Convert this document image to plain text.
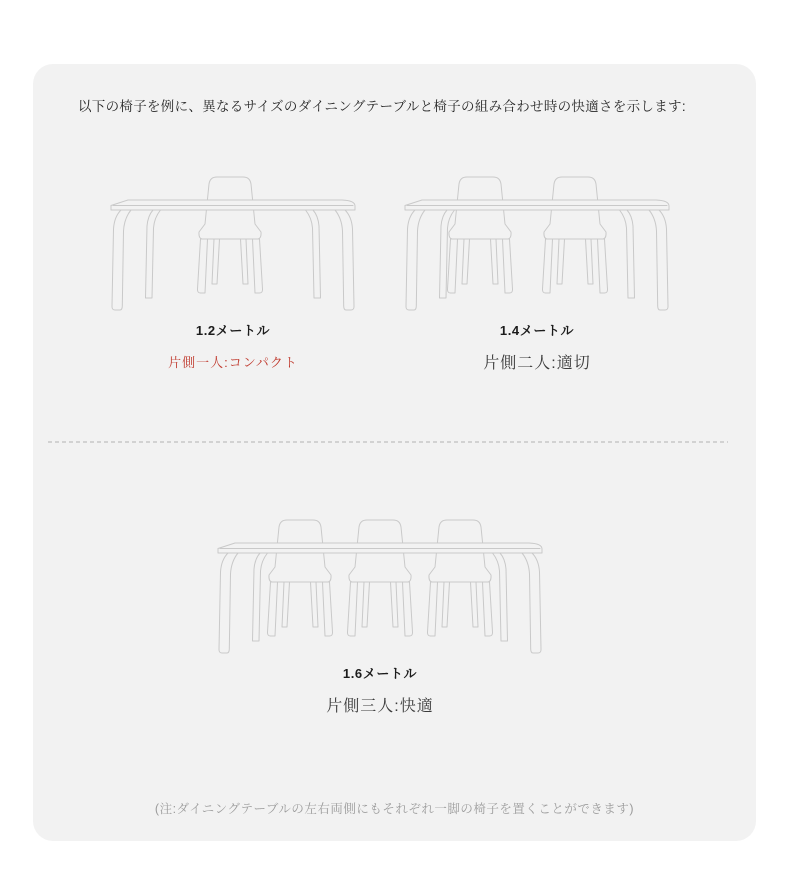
以下の椅子を例に、異なるサイズのダイニングテーブルと椅子の組み合わせ時の快適さを示します:
1.2メートル
片側一人:コンパクト
1.4メートル
片側二人:適切
1.6メートル
片側三人:快適
(注:ダイニングテーブルの左右両側にもそれぞれ一脚の椅子を置くことができます)
